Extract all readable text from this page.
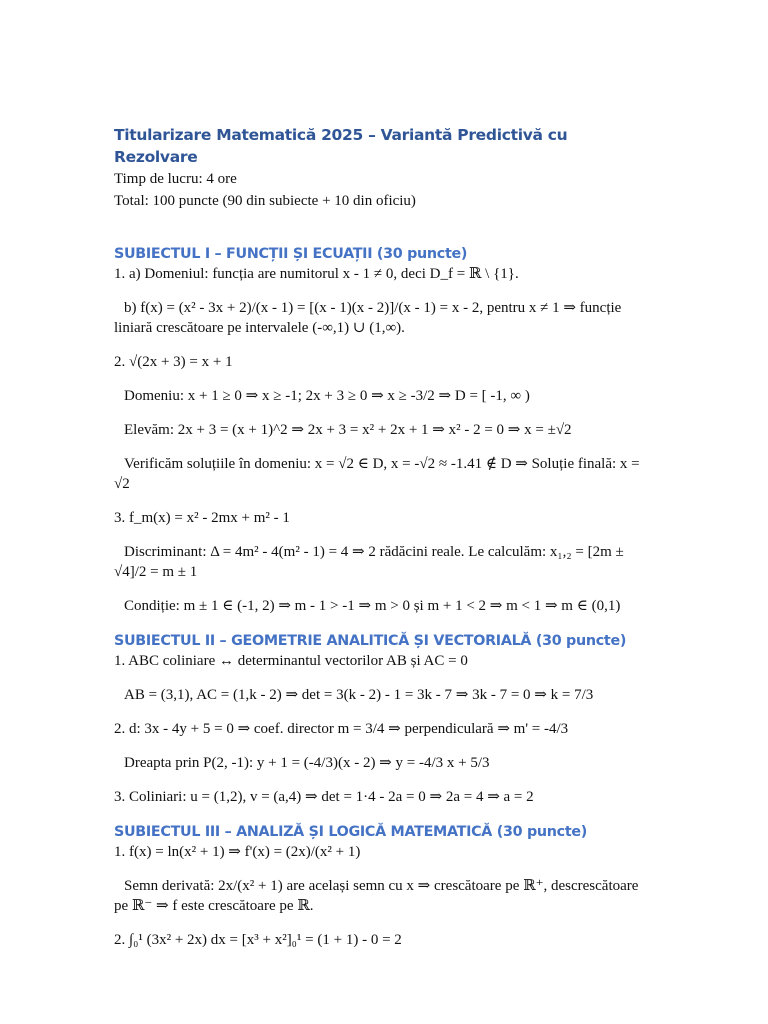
Titularizare Matematică 2025 – Variantă Predictivă cu Rezolvare

Timp de lucru: 4 ore

Total: 100 puncte (90 din subiecte + 10 din oficiu)

SUBIECTUL I – FUNCȚII ȘI ECUAȚII (30 puncte)

1. a) Domeniul: funcția are numitorul x - 1 ≠ 0, deci D_f = ℝ \ {1}.

b) f(x) = (x² - 3x + 2)/(x - 1) = [(x - 1)(x - 2)]/(x - 1) = x - 2, pentru x ≠ 1 ⇒ funcție liniară crescătoare pe intervalele (-∞,1) ∪ (1,∞).

2. √(2x + 3) = x + 1

Domeniu: x + 1 ≥ 0 ⇒ x ≥ -1; 2x + 3 ≥ 0 ⇒ x ≥ -3/2 ⇒ D = [ -1, ∞ )

Elevăm: 2x + 3 = (x + 1)^2 ⇒ 2x + 3 = x² + 2x + 1 ⇒ x² - 2 = 0 ⇒ x = ±√2

Verificăm soluțiile în domeniu: x = √2 ∈ D, x = -√2 ≈ -1.41 ∉ D ⇒ Soluție finală: x = √2

3. f_m(x) = x² - 2mx + m² - 1

Discriminant: Δ = 4m² - 4(m² - 1) = 4 ⇒ 2 rădăcini reale. Le calculăm: x₁,₂ = [2m ± √4]/2 = m ± 1

Condiție: m ± 1 ∈ (-1, 2) ⇒ m - 1 > -1 ⇒ m > 0 și m + 1 < 2 ⇒ m < 1 ⇒ m ∈ (0,1)

SUBIECTUL II – GEOMETRIE ANALITICĂ ȘI VECTORIALĂ (30 puncte)

1. ABC coliniare ↔ determinantul vectorilor AB și AC = 0

AB = (3,1), AC = (1,k - 2) ⇒ det = 3(k - 2) - 1 = 3k - 7 ⇒ 3k - 7 = 0 ⇒ k = 7/3

2. d: 3x - 4y + 5 = 0 ⇒ coef. director m = 3/4 ⇒ perpendiculară ⇒ m' = -4/3

Dreapta prin P(2, -1): y + 1 = (-4/3)(x - 2) ⇒ y = -4/3 x + 5/3

3. Coliniari: u = (1,2), v = (a,4) ⇒ det = 1·4 - 2a = 0 ⇒ 2a = 4 ⇒ a = 2

SUBIECTUL III – ANALIZĂ ȘI LOGICĂ MATEMATICĂ (30 puncte)

1. f(x) = ln(x² + 1) ⇒ f'(x) = (2x)/(x² + 1)

Semn derivată: 2x/(x² + 1) are același semn cu x ⇒ crescătoare pe ℝ⁺, descrescătoare pe ℝ⁻ ⇒ f este crescătoare pe ℝ.

2. ∫₀¹ (3x² + 2x) dx = [x³ + x²]₀¹ = (1 + 1) - 0 = 2
